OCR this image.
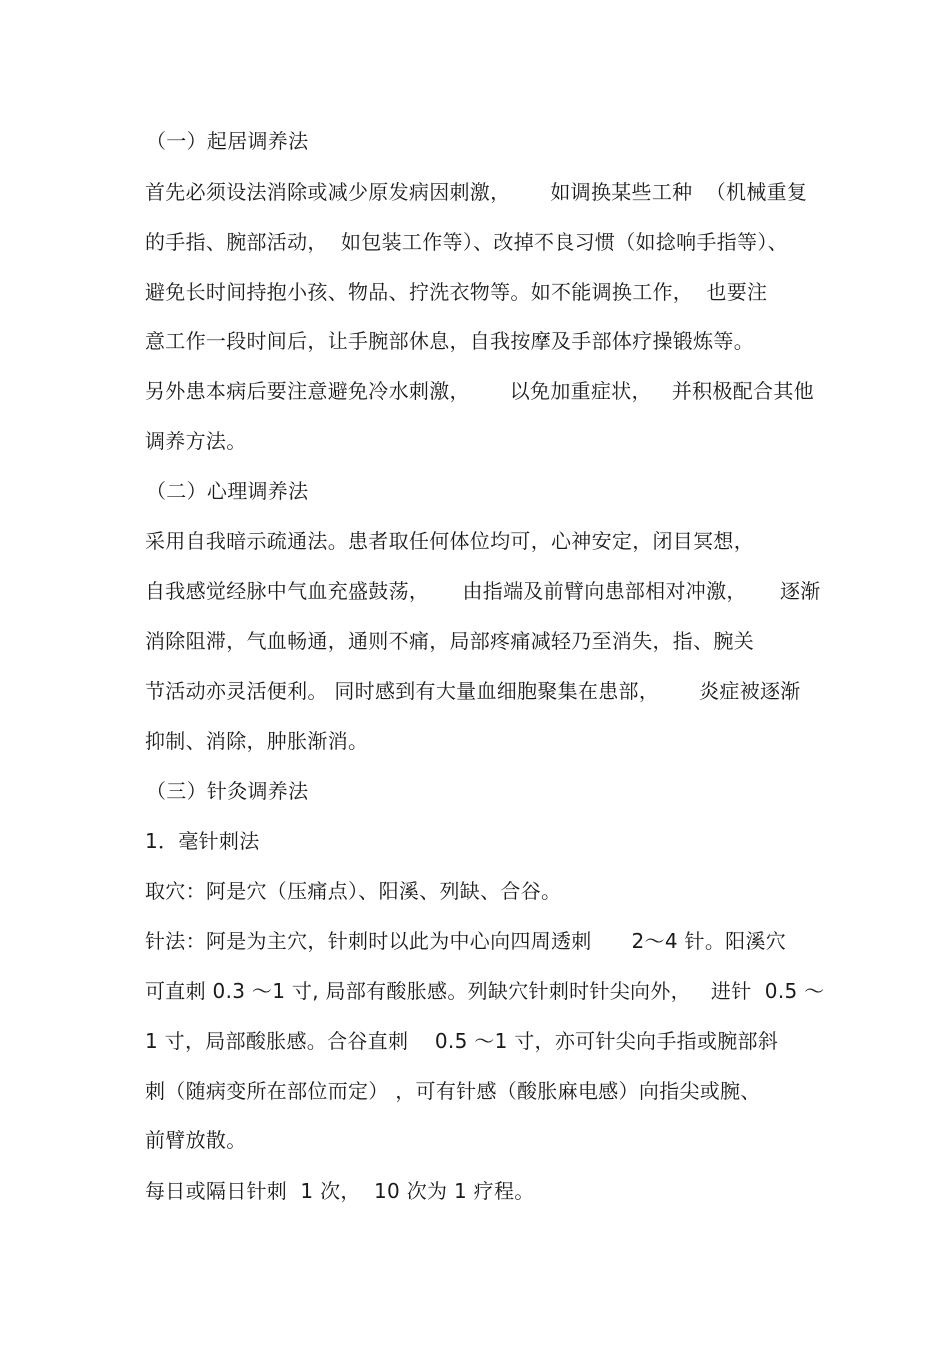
（一）起居调养法
首先必须设法消除或减少原发病因刺激，      如调换某些工种  （机械重复
的手指、腕部活动，  如包装工作等）、改掉不良习惯（如捻响手指等）、
避免长时间持抱小孩、物品、拧洗衣物等。如不能调换工作，  也要注
意工作一段时间后，让手腕部休息，自我按摩及手部体疗操锻炼等。
另外患本病后要注意避免冷水刺激，      以免加重症状，   并积极配合其他
调养方法。
（二）心理调养法
采用自我暗示疏通法。患者取任何体位均可，心神安定，闭目冥想，
自我感觉经脉中气血充盛鼓荡，     由指端及前臂向患部相对冲激，     逐渐
消除阻滞，气血畅通，通则不痛，局部疼痛减轻乃至消失，指、腕关
节活动亦灵活便利。 同时感到有大量血细胞聚集在患部，      炎症被逐渐
抑制、消除，肿胀渐消。
（三）针灸调养法
1．毫针刺法
取穴：阿是穴（压痛点）、阳溪、列缺、合谷。
针法：阿是为主穴，针刺时以此为中心向四周透刺      2～4 针。阳溪穴
可直刺 0.3 ～1 寸, 局部有酸胀感。列缺穴针刺时针尖向外，   进针  0.5 ～
1 寸，局部酸胀感。合谷直刺    0.5 ～1 寸，亦可针尖向手指或腕部斜
刺（随病变所在部位而定） ，可有针感（酸胀麻电感）向指尖或腕、
前臂放散。
每日或隔日针刺  1 次，  10 次为 1 疗程。
